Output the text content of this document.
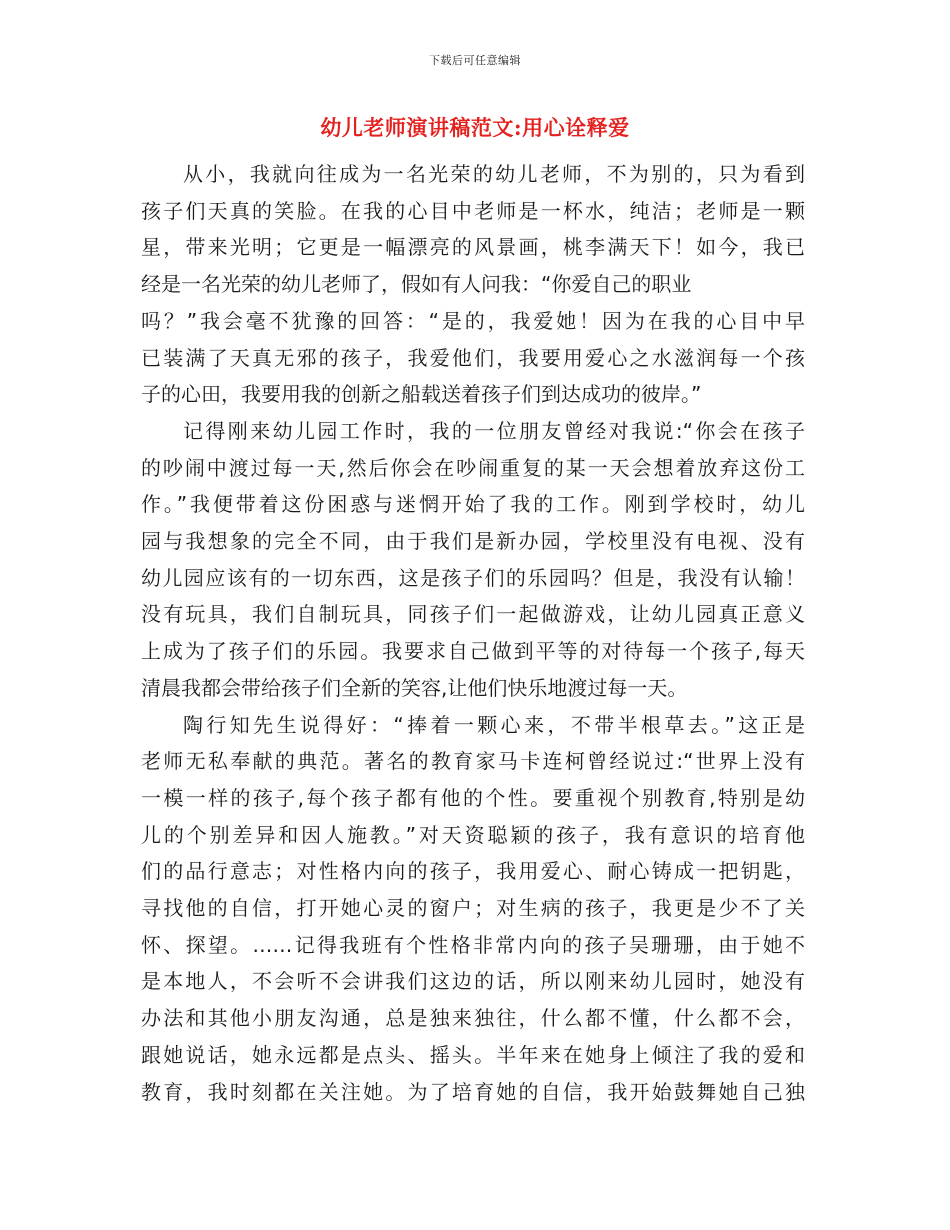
下载后可任意编辑
幼儿老师演讲稿范文:用心诠释爱
从小，我就向往成为一名光荣的幼儿老师，不为别的，只为看到
孩子们天真的笑脸。在我的心目中老师是一杯水，纯洁；老师是一颗
星，带来光明；它更是一幅漂亮的风景画，桃李满天下！如今，我已
经是一名光荣的幼儿老师了，假如有人问我：“你爱自己的职业
吗？”我会毫不犹豫的回答：“是的，我爱她！因为在我的心目中早
已装满了天真无邪的孩子，我爱他们，我要用爱心之水滋润每一个孩
子的心田，我要用我的创新之船载送着孩子们到达成功的彼岸。”
记得刚来幼儿园工作时，我的一位朋友曾经对我说:“你会在孩子
的吵闹中渡过每一天,然后你会在吵闹重复的某一天会想着放弃这份工
作。”我便带着这份困惑与迷惘开始了我的工作。刚到学校时，幼儿
园与我想象的完全不同，由于我们是新办园，学校里没有电视、没有
幼儿园应该有的一切东西，这是孩子们的乐园吗？但是，我没有认输！
没有玩具，我们自制玩具，同孩子们一起做游戏，让幼儿园真正意义
上成为了孩子们的乐园。我要求自己做到平等的对待每一个孩子,每天
清晨我都会带给孩子们全新的笑容,让他们快乐地渡过每一天。
陶行知先生说得好：“捧着一颗心来，不带半根草去。”这正是
老师无私奉献的典范。著名的教育家马卡连柯曾经说过:“世界上没有
一模一样的孩子,每个孩子都有他的个性。要重视个别教育,特别是幼
儿的个别差异和因人施教。”对天资聪颖的孩子，我有意识的培育他
们的品行意志；对性格内向的孩子，我用爱心、耐心铸成一把钥匙，
寻找他的自信，打开她心灵的窗户；对生病的孩子，我更是少不了关
怀、探望。……记得我班有个性格非常内向的孩子吴珊珊，由于她不
是本地人，不会听不会讲我们这边的话，所以刚来幼儿园时，她没有
办法和其他小朋友沟通，总是独来独往，什么都不懂，什么都不会，
跟她说话，她永远都是点头、摇头。半年来在她身上倾注了我的爱和
教育，我时刻都在关注她。为了培育她的自信，我开始鼓舞她自己独
